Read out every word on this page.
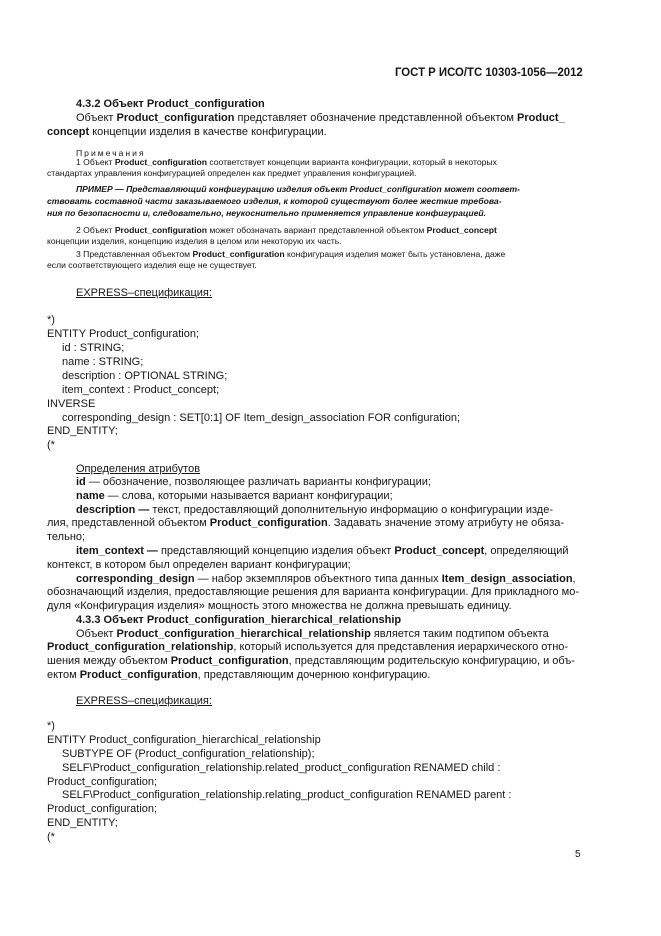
ГОСТ Р ИСО/ТС 10303-1056—2012
4.3.2 Объект Product_configuration
Объект Product_configuration представляет обозначение представленной объектом Product_
concept концепции изделия в качестве конфигурации.
Примечания
1 Объект Product_configuration соответствует концепции варианта конфигурации, который в некоторых
стандартах управления конфигурацией определен как предмет управления конфигурацией.
ПРИМЕР — Представляющий конфигурацию изделия объект Product_configuration может соответ-
ствовать составной части заказываемого изделия, к которой существуют более жесткие требова-
ния по безопасности и, следовательно, неукоснительно применяется управление конфигурацией.
2 Объект Product_configuration может обозначать вариант представленной объектом Product_concept
концепции изделия, концепцию изделия в целом или некоторую их часть.
3 Представленная объектом Product_configuration конфигурация изделия может быть установлена, даже
если соответствующего изделия еще не существует.
EXPRESS–спецификация:
*)
ENTITY Product_configuration;
id : STRING;
name : STRING;
description : OPTIONAL STRING;
item_context : Product_concept;
INVERSE
corresponding_design : SET[0:1] OF Item_design_association FOR configuration;
END_ENTITY;
(*
Определения атрибутов
id — обозначение, позволяющее различать варианты конфигурации;
name — слова, которыми называется вариант конфигурации;
description — текст, предоставляющий дополнительную информацию о конфигурации изде-
лия, представленной объектом Product_configuration. Задавать значение этому атрибуту не обяза-
тельно;
item_context — представляющий концепцию изделия объект Product_concept, определяющий
контекст, в котором был определен вариант конфигурации;
corresponding_design — набор экземпляров объектного типа данных Item_design_association,
обозначающий изделия, предоставляющие решения для варианта конфигурации. Для прикладного мо-
дуля «Конфигурация изделия» мощность этого множества не должна превышать единицу.
4.3.3 Объект Product_configuration_hierarchical_relationship
Объект Product_configuration_hierarchical_relationship является таким подтипом объекта
Product_configuration_relationship, который используется для представления иерархического отно-
шения между объектом Product_configuration, представляющим родительскую конфигурацию, и объ-
ектом Product_configuration, представляющим дочернюю конфигурацию.
EXPRESS–спецификация:
*)
ENTITY Product_configuration_hierarchical_relationship
SUBTYPE OF (Product_configuration_relationship);
SELF\Product_configuration_relationship.related_product_configuration RENAMED child :
Product_configuration;
SELF\Product_configuration_relationship.relating_product_configuration RENAMED parent :
Product_configuration;
END_ENTITY;
(*
5
